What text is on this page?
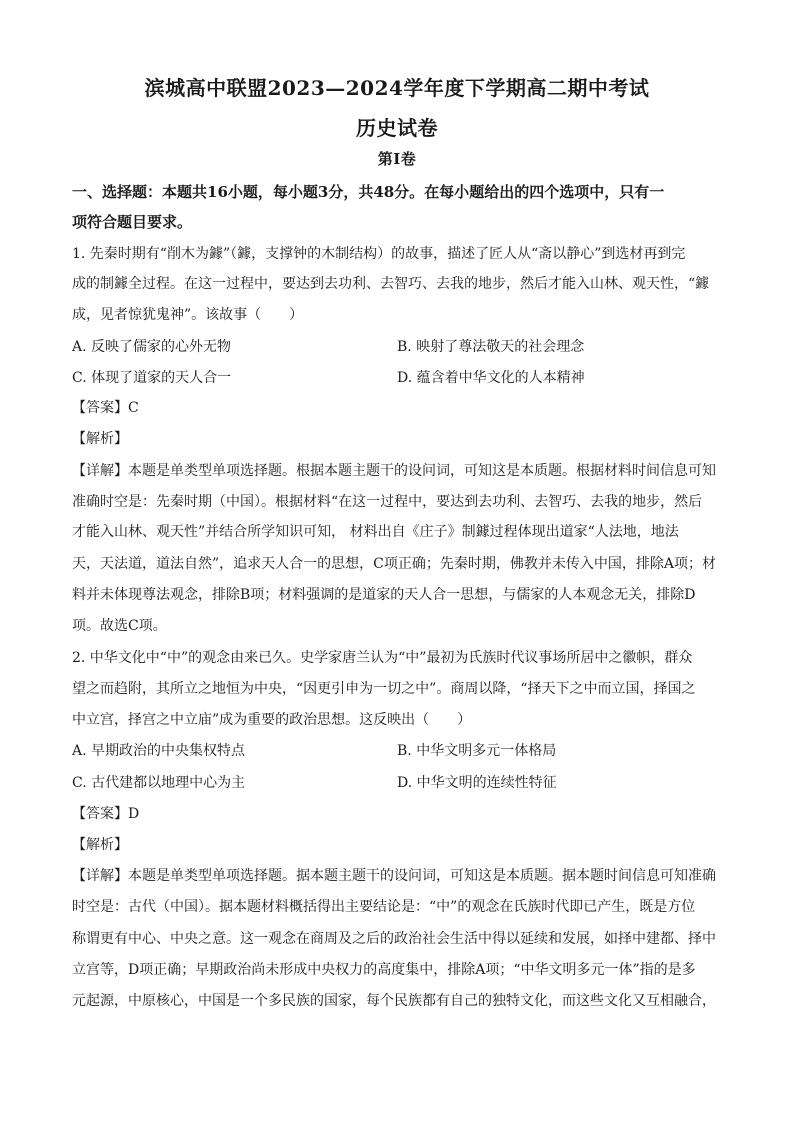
滨城高中联盟2023—2024学年度下学期高二期中考试
历史试卷
第Ⅰ卷
一、选择题：本题共16小题，每小题3分，共48分。在每小题给出的四个选项中，只有一
项符合题目要求。
1. 先秦时期有“削木为鐻”（鐻，支撑钟的木制结构）的故事，描述了匠人从“斋以静心”到选材再到完
成的制鐻全过程。在这一过程中，要达到去功利、去智巧、去我的地步，然后才能入山林、观天性，“鐻
成，见者惊犹鬼神”。该故事（　　）
A. 反映了儒家的心外无物	B. 映射了尊法敬天的社会理念
C. 体现了道家的天人合一	D. 蕴含着中华文化的人本精神
【答案】C
【解析】
【详解】本题是单类型单项选择题。根据本题主题干的设问词，可知这是本质题。根据材料时间信息可知
准确时空是：先秦时期（中国）。根据材料“在这一过程中，要达到去功利、去智巧、去我的地步，然后
才能入山林、观天性”并结合所学知识可知， 材料出自《庄子》制鐻过程体现出道家“人法地，地法
天，天法道，道法自然”，追求天人合一的思想，C项正确；先秦时期，佛教并未传入中国，排除A项；材
料并未体现尊法观念，排除B项；材料强调的是道家的天人合一思想，与儒家的人本观念无关，排除D
项。故选C项。
2. 中华文化中“中”的观念由来已久。史学家唐兰认为“中”最初为氏族时代议事场所居中之徽帜，群众
望之而趋附，其所立之地恒为中央，“因更引申为一切之中”。商周以降，“择天下之中而立国，择国之
中立宫，择宫之中立庙”成为重要的政治思想。这反映出（　　）
A. 早期政治的中央集权特点	B. 中华文明多元一体格局
C. 古代建都以地理中心为主	D. 中华文明的连续性特征
【答案】D
【解析】
【详解】本题是单类型单项选择题。据本题主题干的设问词，可知这是本质题。据本题时间信息可知准确
时空是：古代（中国）。据本题材料概括得出主要结论是：“中”的观念在氏族时代即已产生，既是方位
称谓更有中心、中央之意。这一观念在商周及之后的政治社会生活中得以延续和发展，如择中建都、择中
立宫等，D项正确；早期政治尚未形成中央权力的高度集中，排除A项；“中华文明多元一体”指的是多
元起源，中原核心，中国是一个多民族的国家，每个民族都有自己的独特文化，而这些文化又互相融合，
